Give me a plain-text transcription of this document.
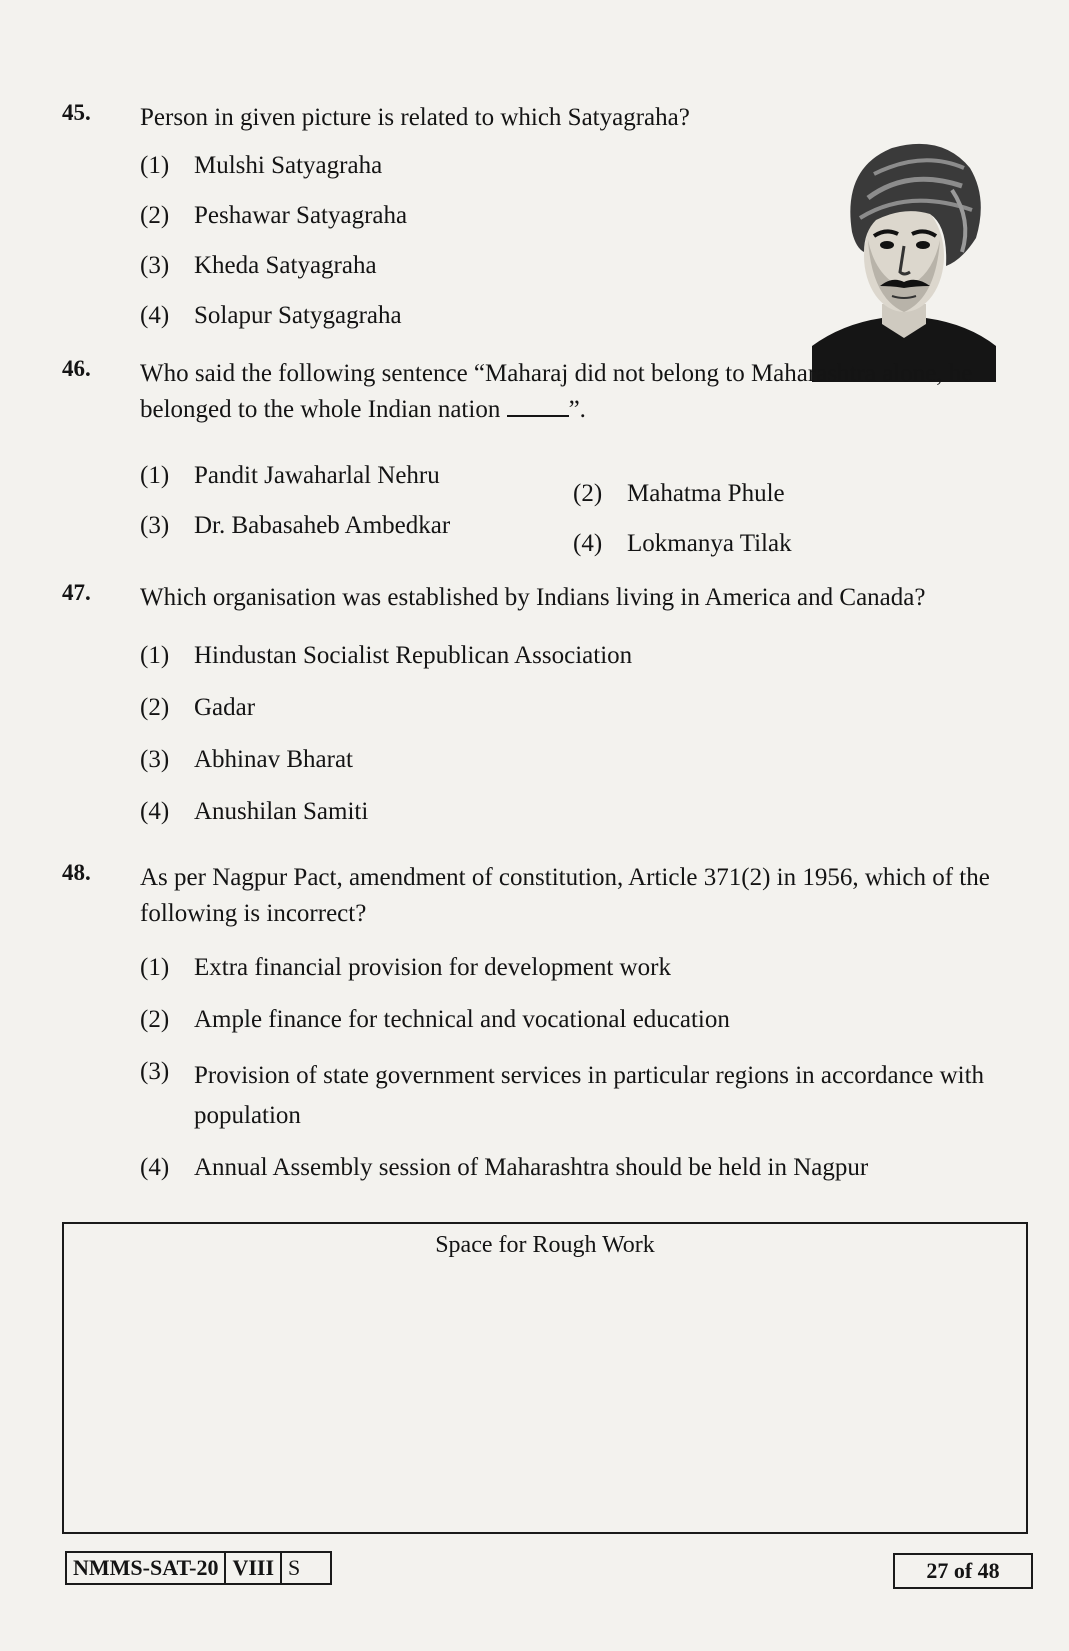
45. Person in given picture is related to which Satyagraha?
(1) Mulshi Satyagraha
(2) Peshawar Satyagraha
(3) Kheda Satyagraha
(4) Solapur Satygagraha
46. Who said the following sentence “Maharaj did not belong to Maharashtra alone, he belonged to the whole Indian nation	”.
(1) Pandit Jawaharlal Nehru
(2) Mahatma Phule
(3) Dr. Babasaheb Ambedkar
(4) Lokmanya Tilak
47. Which organisation was established by Indians living in America and Canada?
(1) Hindustan Socialist Republican Association
(2) Gadar
(3) Abhinav Bharat
(4) Anushilan Samiti
48. As per Nagpur Pact, amendment of constitution, Article 371(2) in 1956, which of the following is incorrect?
(1) Extra financial provision for development work
(2) Ample finance for technical and vocational education
(3) Provision of state government services in particular regions in accordance with population
(4) Annual Assembly session of Maharashtra should be held in Nagpur
Space for Rough Work
NMMS-SAT-20 VIII S	27 of 48
